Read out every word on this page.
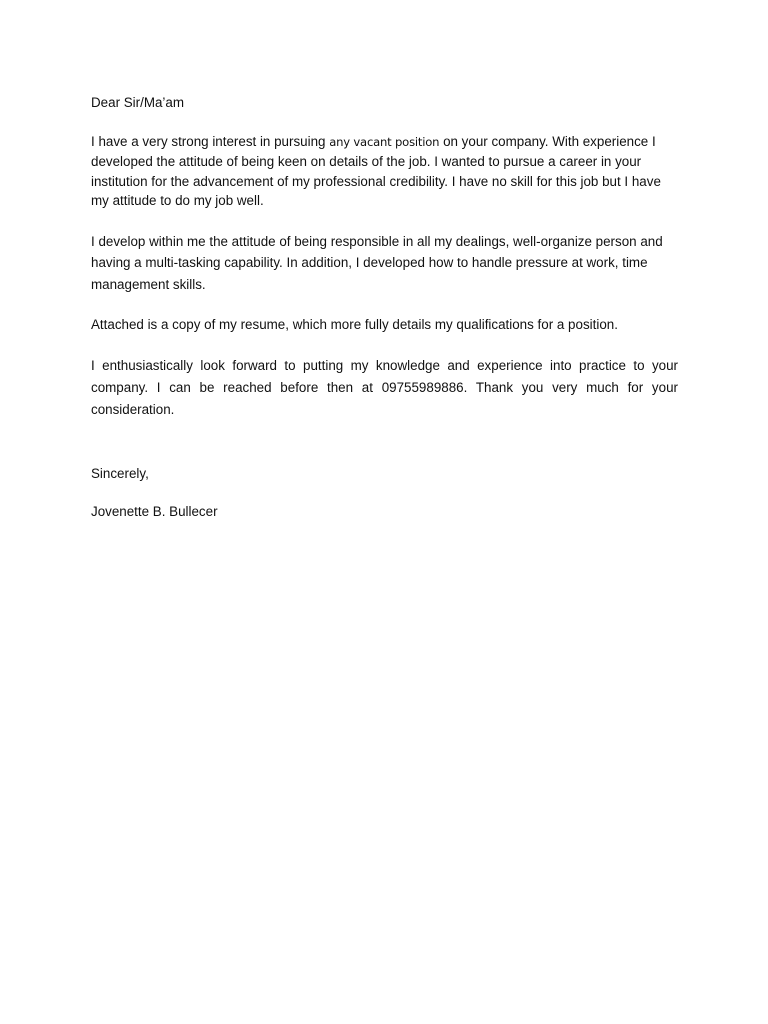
Dear Sir/Ma’am

I have a very strong interest in pursuing any vacant position on your company. With experience I developed the attitude of being keen on details of the job. I wanted to pursue a career in your institution for the advancement of my professional credibility. I have no skill for this job but I have my attitude to do my job well.

I develop within me the attitude of being responsible in all my dealings, well-organize person and having a multi-tasking capability. In addition, I developed how to handle pressure at work, time management skills.

Attached is a copy of my resume, which more fully details my qualifications for a position.

I enthusiastically look forward to putting my knowledge and experience into practice to your company. I can be reached before then at 09755989886. Thank you very much for your consideration.

Sincerely,

Jovenette B. Bullecer
